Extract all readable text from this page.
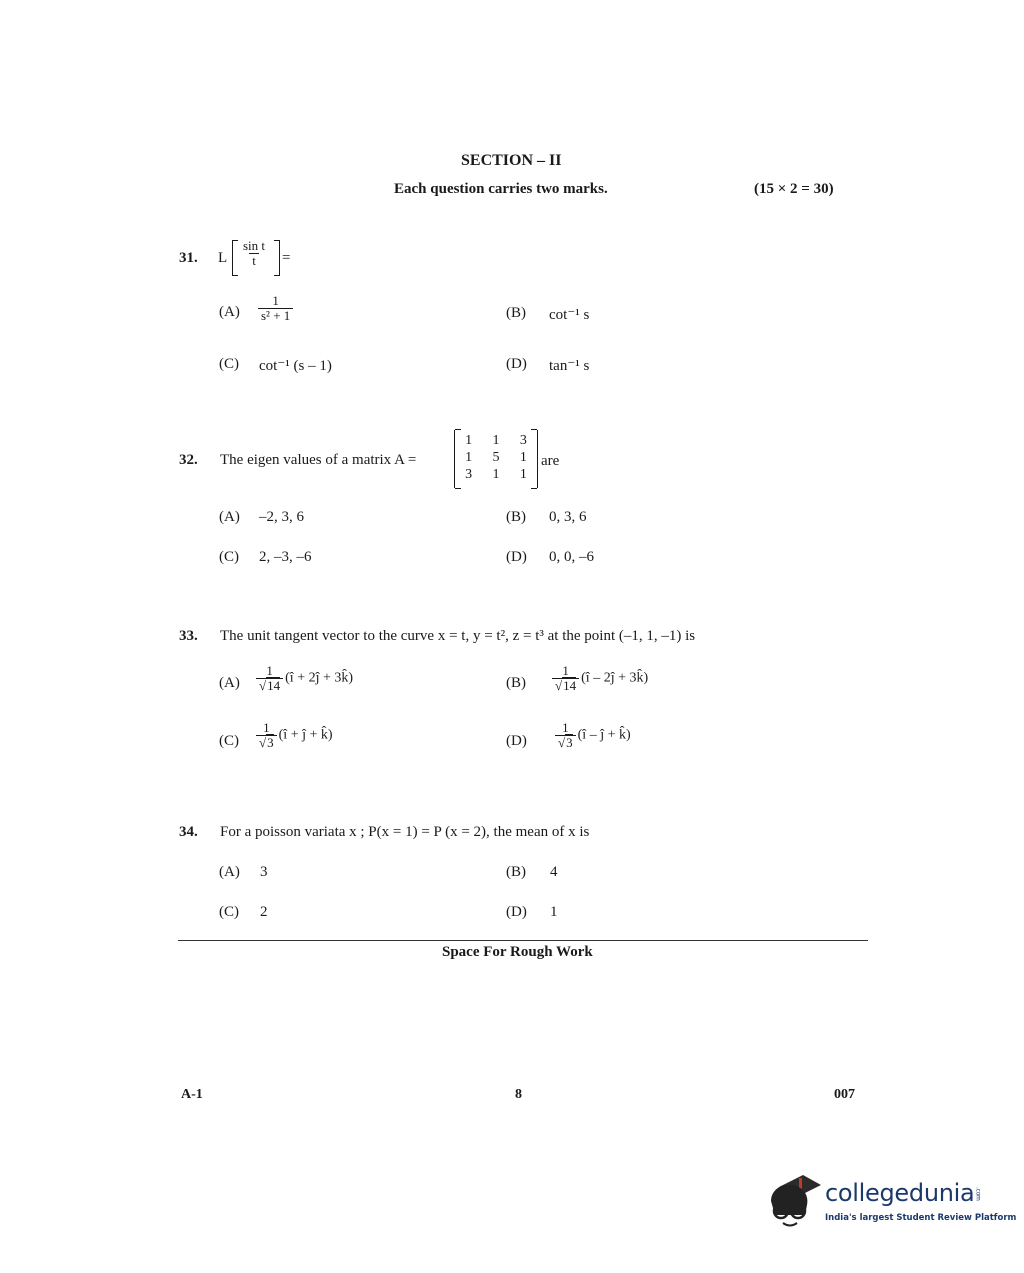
SECTION – II
Each question carries two marks.	(15 × 2 = 30)
31. L $\frac{\text{sin t}}{t}$ =
$(A) \frac{1}{\text{s² + 1}}$	(B) cot⁻¹ s
(C) cot⁻¹ (s – 1)	(D) tan⁻¹ s
32. The eigen values of a matrix A =
1	1	3
1	5	1
3	1	1
are
(A) –2, 3, 6	(B) 0, 3, 6
(C) 2, –3, –6	(D) 0, 0, –6
33. The unit tangent vector to the curve x = t, y = t², z = t³ at the point (–1, 1, –1) is
$(A) \frac{1}{√14}$ (î + 2ĵ + 3k̂)	$(B) \frac{1}{√14}$ (î – 2ĵ + 3k̂)
$(C) \frac{1}{√3}$ (î + ĵ + k̂)	$(D) \frac{1}{√3}$ (î – ĵ + k̂)
34. For a poisson variata x ; P(x = 1) = P (x = 2), the mean of x is
(A) 3	(B) 4
(C) 2	(D) 1
Space For Rough Work
A-1	8	007
collegedunia.com
India's largest Student Review Platform
